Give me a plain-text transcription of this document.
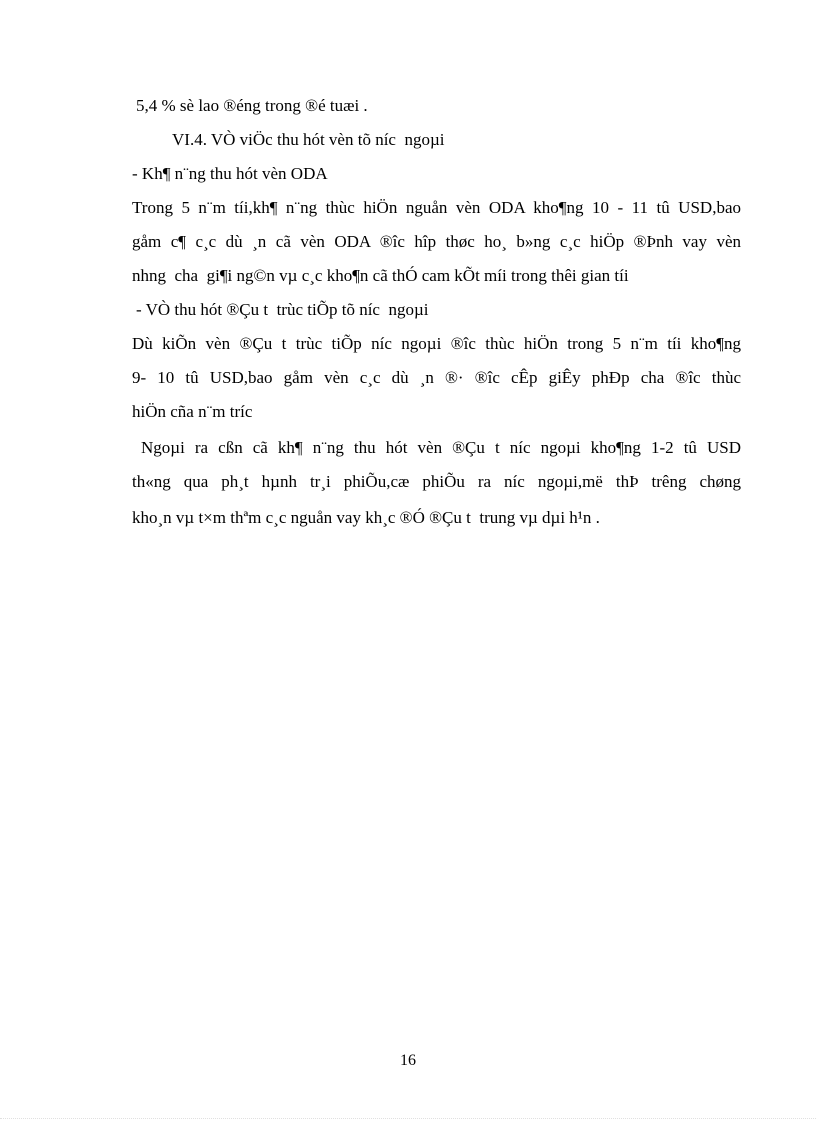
5,4 % sè lao ®éng trong ®é tuæi .
VI.4. VÒ viÖc thu hót vèn tõ níc  ngoµi
- Kh¶ n¨ng thu hót vèn ODA
Trong 5 n¨m tíi,kh¶ n¨ng thùc hiÖn nguån vèn ODA kho¶ng 10 - 11 tû USD,bao
gåm c¶ c¸c dù ¸n cã vèn ODA ®îc hîp thøc ho¸ b»ng c¸c hiÖp ®Þnh vay vèn
nhng  cha  gi¶i ng©n vµ c¸c kho¶n cã thÓ cam kÕt míi trong thêi gian tíi
- VÒ thu hót ®Çu t  trùc tiÕp tõ níc  ngoµi
Dù kiÕn vèn ®Çu t trùc tiÕp níc ngoµi ®îc thùc hiÖn trong 5 n¨m tíi kho¶ng
9- 10 tû USD,bao gåm vèn c¸c dù ¸n ®· ®îc cÊp giÊy phÐp cha ®îc thùc
hiÖn cña n¨m tríc
Ngoµi ra cßn cã kh¶ n¨ng thu hót vèn ®Çu t níc ngoµi kho¶ng 1-2 tû USD
th«ng qua ph¸t hµnh tr¸i phiÕu,cæ phiÕu ra níc ngoµi,më thÞ trêng chøng
kho¸n vµ t×m thªm c¸c nguån vay kh¸c ®Ó ®Çu t  trung vµ dµi h¹n .
16
